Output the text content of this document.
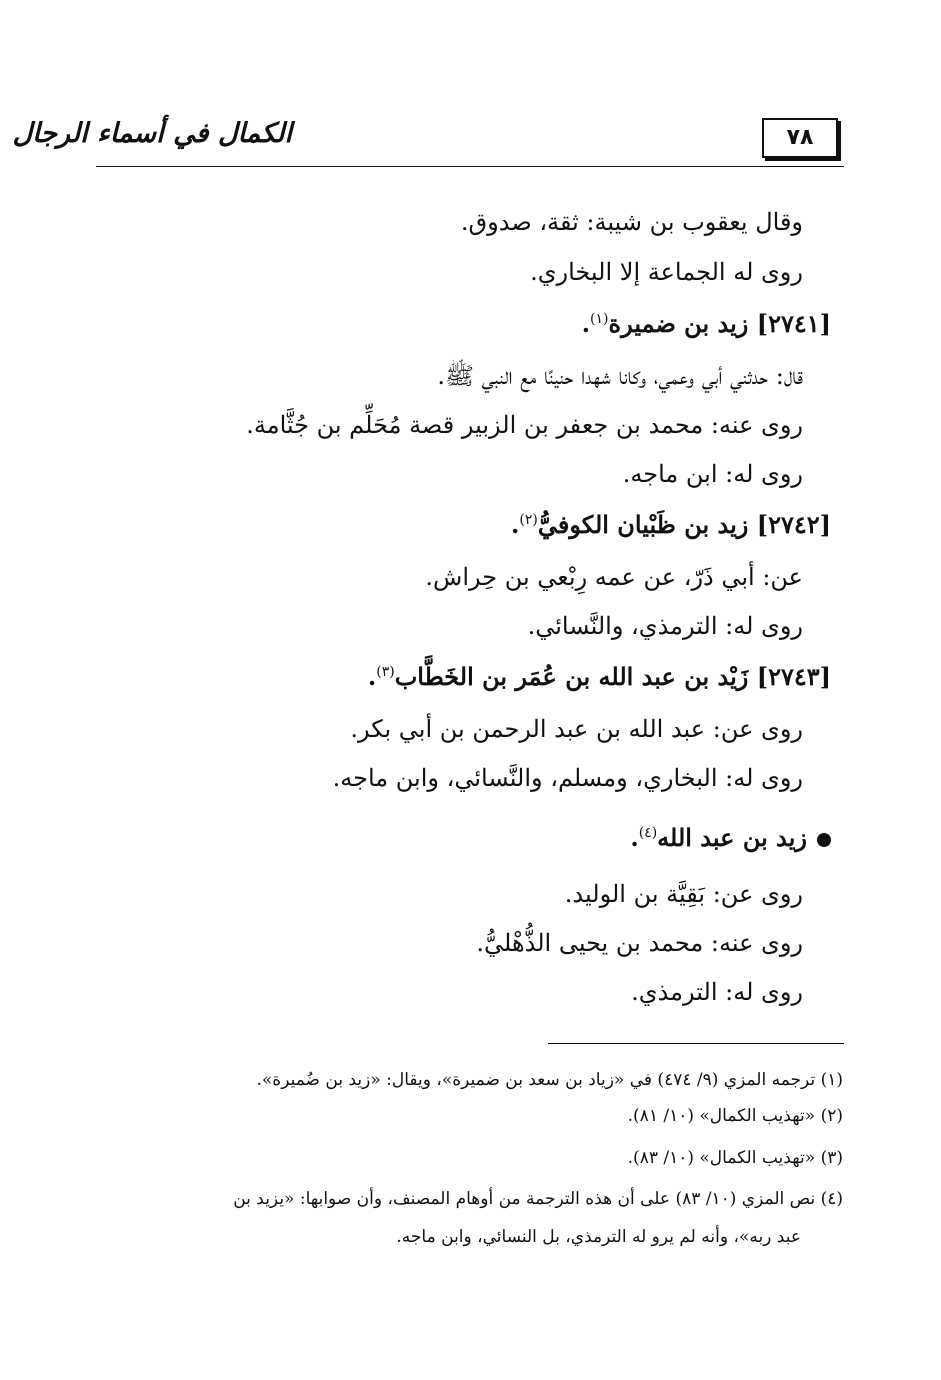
الكمال في أسماء الرجال	٧٨
وقال يعقوب بن شيبة: ثقة، صدوق.
روى له الجماعة إلا البخاري.
[٢٧٤١] زيد بن ضميرة$^{(١)}$.
قال: حدثني أبي وعمي، وكانا شهدا حنينًا مع النبي ﷺ.
روى عنه: محمد بن جعفر بن الزبير قصة مُحَلِّم بن جُثَّامة.
روى له: ابن ماجه.
[٢٧٤٢] زيد بن ظَبْيان الكوفيُّ$^{(٢)}$.
عن: أبي ذَرّ، عن عمه رِبْعي بن حِراش.
روى له: الترمذي، والنَّسائي.
[٢٧٤٣] زَيْد بن عبد الله بن عُمَر بن الخَطَّاب$^{(٣)}$.
روى عن: عبد الله بن عبد الرحمن بن أبي بكر.
روى له: البخاري، ومسلم، والنَّسائي، وابن ماجه.
زيد بن عبد الله$^{(٤)}$.
روى عن: بَقِيَّة بن الوليد.
روى عنه: محمد بن يحيى الذُّهْليُّ.
روى له: الترمذي.
(١) ترجمه المزي (٩/ ٤٧٤) في «زياد بن سعد بن ضميرة»، ويقال: «زيد بن ضُميرة».
(٢) «تهذيب الكمال» (١٠/ ٨١).
(٣) «تهذيب الكمال» (١٠/ ٨٣).
(٤) نص المزي (١٠/ ٨٣) على أن هذه الترجمة من أوهام المصنف، وأن صوابها: «يزيد بن
عبد ربه»، وأنه لم يرو له الترمذي، بل النسائي، وابن ماجه.
